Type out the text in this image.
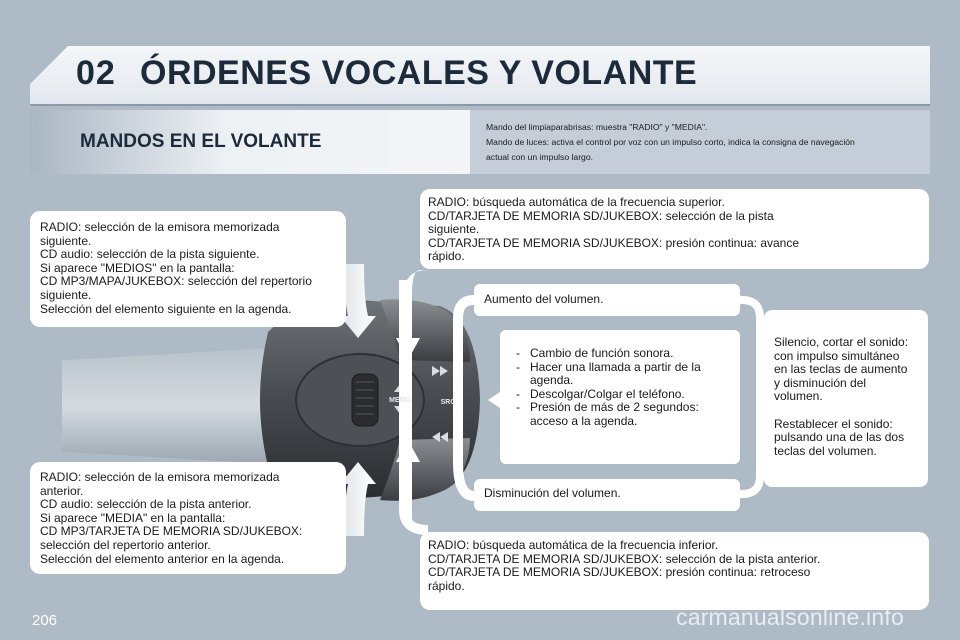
02 ÓRDENES VOCALES Y VOLANTE
MANDOS EN EL VOLANTE
Mando del limpiaparabrisas: muestra "RADIO" y "MEDIA".
Mando de luces: activa el control por voz con un impulso corto, indica la consigna de navegación
actual con un impulso largo.
MEMO	SRC
RADIO: selección de la emisora memorizada
siguiente.
CD audio: selección de la pista siguiente.
Si aparece "MEDIOS" en la pantalla:
CD MP3/MAPA/JUKEBOX: selección del repertorio
siguiente.
Selección del elemento siguiente en la agenda.
RADIO: selección de la emisora memorizada
anterior.
CD audio: selección de la pista anterior.
Si aparece "MEDIA" en la pantalla:
CD MP3/TARJETA DE MEMORIA SD/JUKEBOX:
selección del repertorio anterior.
Selección del elemento anterior en la agenda.
RADIO: búsqueda automática de la frecuencia superior.
CD/TARJETA DE MEMORIA SD/JUKEBOX: selección de la pista
siguiente.
CD/TARJETA DE MEMORIA SD/JUKEBOX: presión continua: avance
rápido.
RADIO: búsqueda automática de la frecuencia inferior.
CD/TARJETA DE MEMORIA SD/JUKEBOX: selección de la pista anterior.
CD/TARJETA DE MEMORIA SD/JUKEBOX: presión continua: retroceso
rápido.
Aumento del volumen.
Disminución del volumen.
- Cambio de función sonora.
- Hacer una llamada a partir de la
agenda.
- Descolgar/Colgar el teléfono.
- Presión de más de 2 segundos:
acceso a la agenda.
Silencio, cortar el sonido:
con impulso simultáneo
en las teclas de aumento
y disminución del
volumen.
Restablecer el sonido:
pulsando una de las dos
teclas del volumen.
206	carmanualsonline.info
